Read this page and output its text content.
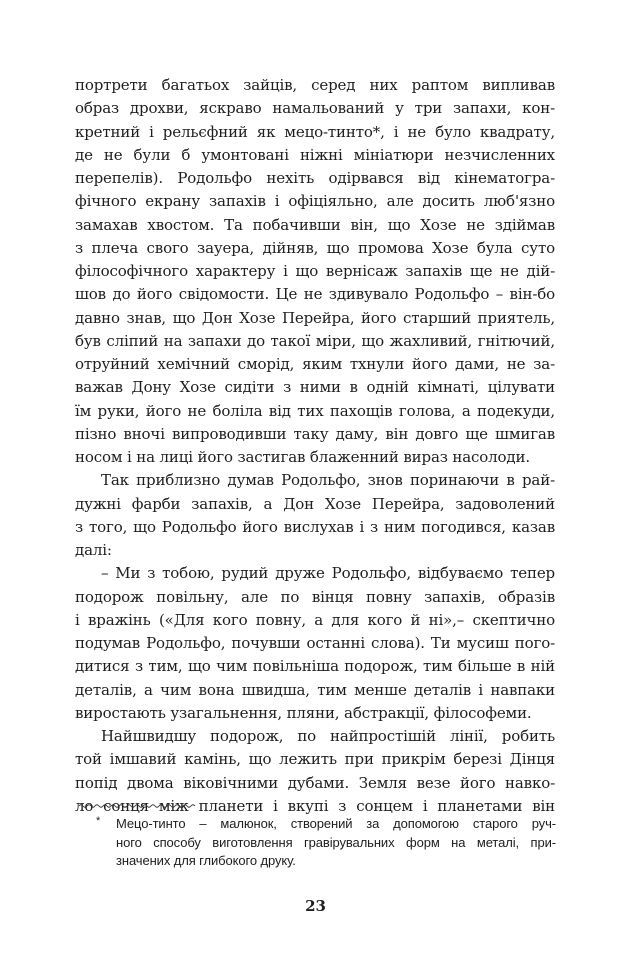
портрети багатьох зайців, серед них раптом випливав
образ дрохви, яскраво намальований у три запахи, кон-
кретний і рельєфний як мецо-тинто*, і не було квадрату,
де не були б умонтовані ніжні мініатюри незчисленних
перепелів). Родольфо нехіть одірвався від кінематогра-
фічного екрану запахів і офіціяльно, але досить люб'язно
замахав хвостом. Та побачивши він, що Хозе не здіймав
з плеча свого зауера, дійняв, що промова Хозе була суто
філософічного характеру і що вернісаж запахів ще не дій-
шов до його свідомости. Це не здивувало Родольфо – він-бо
давно знав, що Дон Хозе Перейра, його старший приятель,
був сліпий на запахи до такої міри, що жахливий, гнітючий,
отруйний хемічний сморід, яким тхнули його дами, не за-
важав Дону Хозе сидіти з ними в одній кімнаті, цілувати
їм руки, його не боліла від тих пахощів голова, а подекуди,
пізно вночі випроводивши таку даму, він довго ще шмигав
носом і на лиці його застигав блаженний вираз насолоди.
Так приблизно думав Родольфо, знов поринаючи в рай-
дужні фарби запахів, а Дон Хозе Перейра, задоволений
з того, що Родольфо його вислухав і з ним погодився, казав
далі:
– Ми з тобою, рудий друже Родольфо, відбуваємо тепер
подорож повільну, але по вінця повну запахів, образів
і вражінь («Для кого повну, а для кого й ні»,– скептично
подумав Родольфо, почувши останні слова). Ти мусиш пого-
дитися з тим, що чим повільніша подорож, тим більше в ній
деталів, а чим вона швидша, тим менше деталів і навпаки
виростають узагальнення, пляни, абстракції, філософеми.
Найшвидшу подорож, по найпростішій лінії, робить
той імшавий камінь, що лежить при прикрім березі Дінця
попід двома віковічними дубами. Земля везе його навко-
ло сонця між планети і вкупі з сонцем і планетами він
*	Мецо-тинто – малюнок, створений за допомогою старого руч-
ного способу виготовлення гравірувальних форм на металі, при-
значених для глибокого друку.
23
